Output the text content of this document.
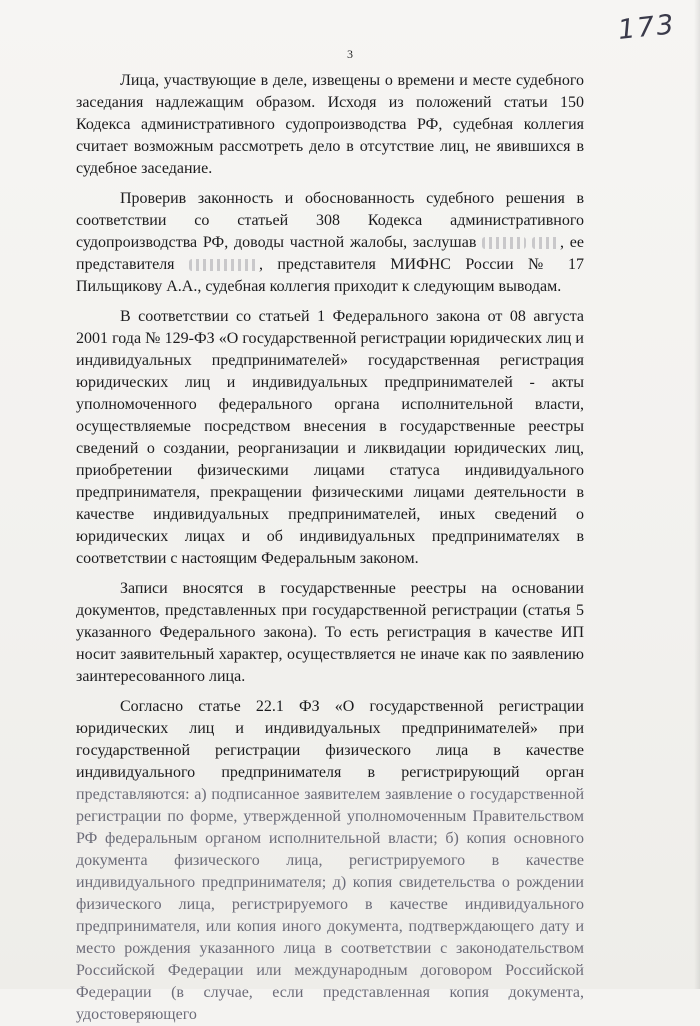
173
3

Лица, участвующие в деле, извещены о времени и месте судебного заседания надлежащим образом. Исходя из положений статьи 150 Кодекса административного судопроизводства РФ, судебная коллегия считает возможным рассмотреть дело в отсутствие лиц, не явившихся в судебное заседание.

Проверив законность и обоснованность судебного решения в соответствии со статьей 308 Кодекса административного судопроизводства РФ, доводы частной жалобы, заслушав	, ее представителя	, представителя МИФНС России № 17 Пильщикову А.А., судебная коллегия приходит к следующим выводам.

В соответствии со статьей 1 Федерального закона от 08 августа 2001 года № 129-ФЗ «О государственной регистрации юридических лиц и индивидуальных предпринимателей» государственная регистрация юридических лиц и индивидуальных предпринимателей - акты уполномоченного федерального органа исполнительной власти, осуществляемые посредством внесения в государственные реестры сведений о создании, реорганизации и ликвидации юридических лиц, приобретении физическими лицами статуса индивидуального предпринимателя, прекращении физическими лицами деятельности в качестве индивидуальных предпринимателей, иных сведений о юридических лицах и об индивидуальных предпринимателях в соответствии с настоящим Федеральным законом.

Записи вносятся в государственные реестры на основании документов, представленных при государственной регистрации (статья 5 указанного Федерального закона). То есть регистрация в качестве ИП носит заявительный характер, осуществляется не иначе как по заявлению заинтересованного лица.

Согласно статье 22.1 ФЗ «О государственной регистрации юридических лиц и индивидуальных предпринимателей» при государственной регистрации физического лица в качестве индивидуального предпринимателя в регистрирующий орган представляются: а) подписанное заявителем заявление о государственной регистрации по форме, утвержденной уполномоченным Правительством РФ федеральным органом исполнительной власти; б) копия основного документа физического лица, регистрируемого в качестве индивидуального предпринимателя; д) копия свидетельства о рождении физического лица, регистрируемого в качестве индивидуального предпринимателя, или копия иного документа, подтверждающего дату и место рождения указанного лица в соответствии с законодательством Российской Федерации или международным договором Российской Федерации (в случае, если представленная копия документа, удостоверяющего
